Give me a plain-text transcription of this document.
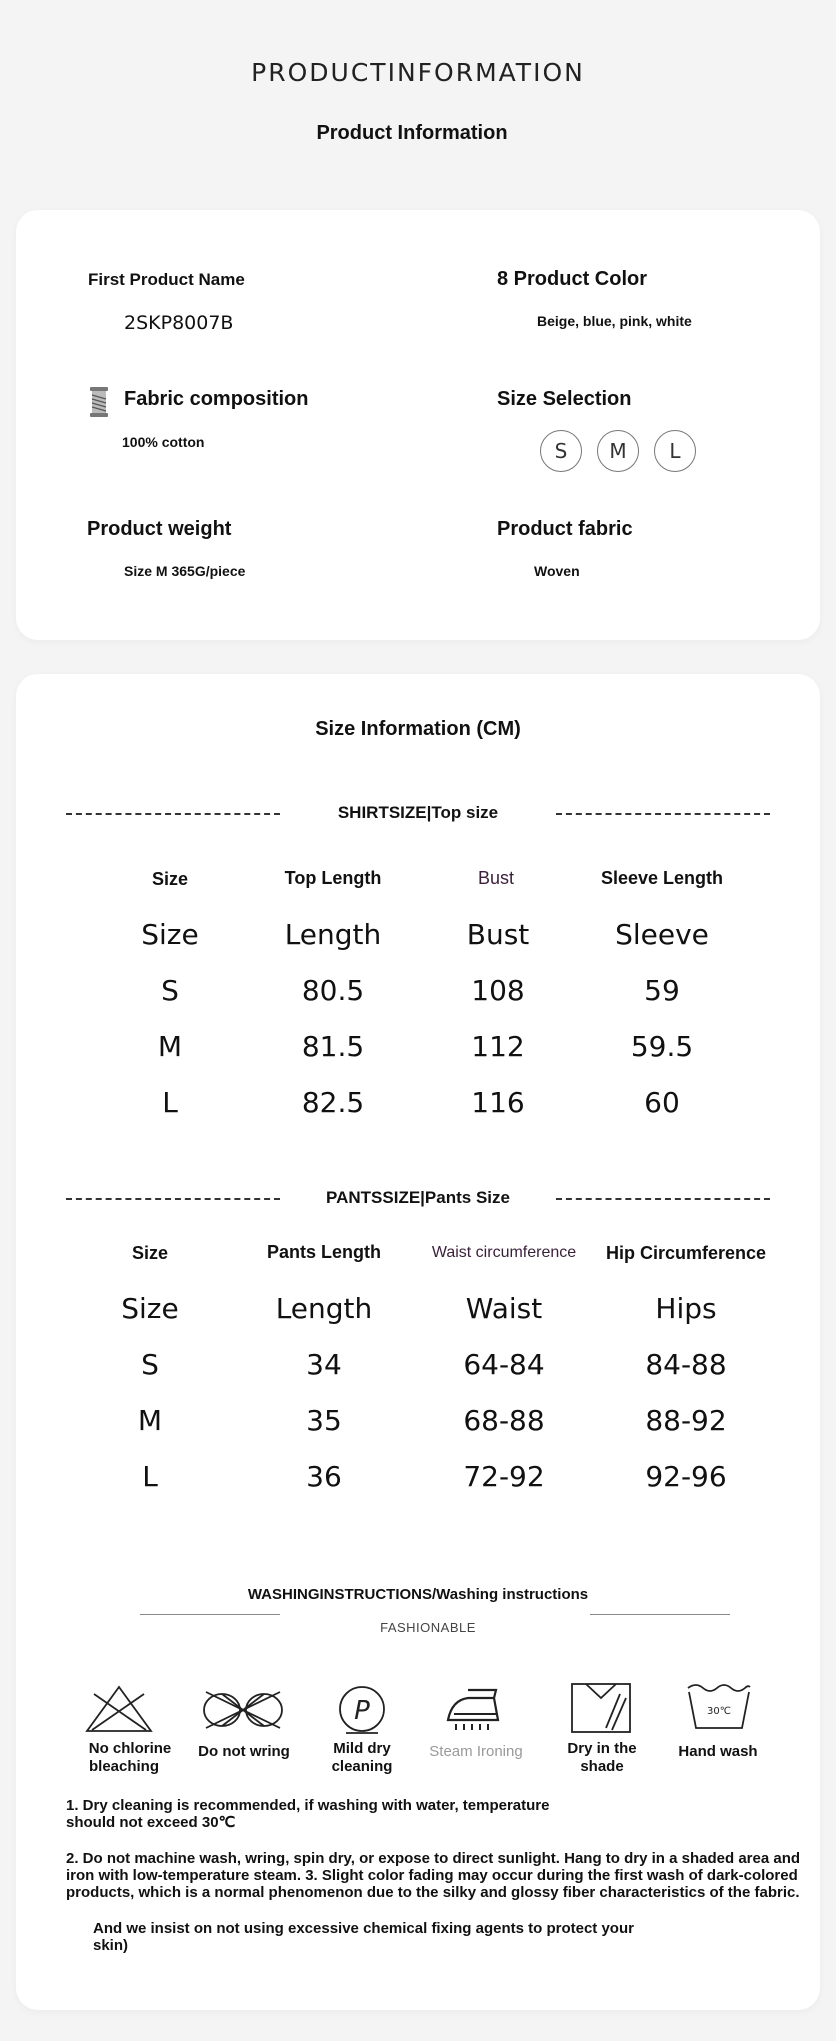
PRODUCTINFORMATION
Product Information
First Product Name
2SKP8007B
8 Product Color
Beige, blue, pink, white
Fabric composition
100% cotton
Size Selection
S	M	L
Product weight
Size M 365G/piece
Product fabric
Woven
Size Information (CM)
SHIRTSIZE|Top size
Size	Top Length	Bust	Sleeve Length
Size	Length	Bust	Sleeve
S	80.5	108	59
M	81.5	112	59.5
L	82.5	116	60
PANTSSIZE|Pants Size
Size	Pants Length	Waist circumference	Hip Circumference
Size	Length	Waist	Hips
S	34	64-84	84-88
M	35	68-88	88-92
L	36	72-92	92-96
WASHINGINSTRUCTIONS/Washing instructions
FASHIONABLE
No chlorine
bleaching
Do not wring
P
Mild dry
cleaning
Steam Ironing	Dry in the
shade
30℃
Hand wash
1. Dry cleaning is recommended, if washing with water, temperature
should not exceed 30℃
2. Do not machine wash, wring, spin dry, or expose to direct sunlight. Hang to dry in a shaded area and
iron with low-temperature steam. 3. Slight color fading may occur during the first wash of dark-colored
products, which is a normal phenomenon due to the silky and glossy fiber characteristics of the fabric.
And we insist on not using excessive chemical fixing agents to protect your
skin)
